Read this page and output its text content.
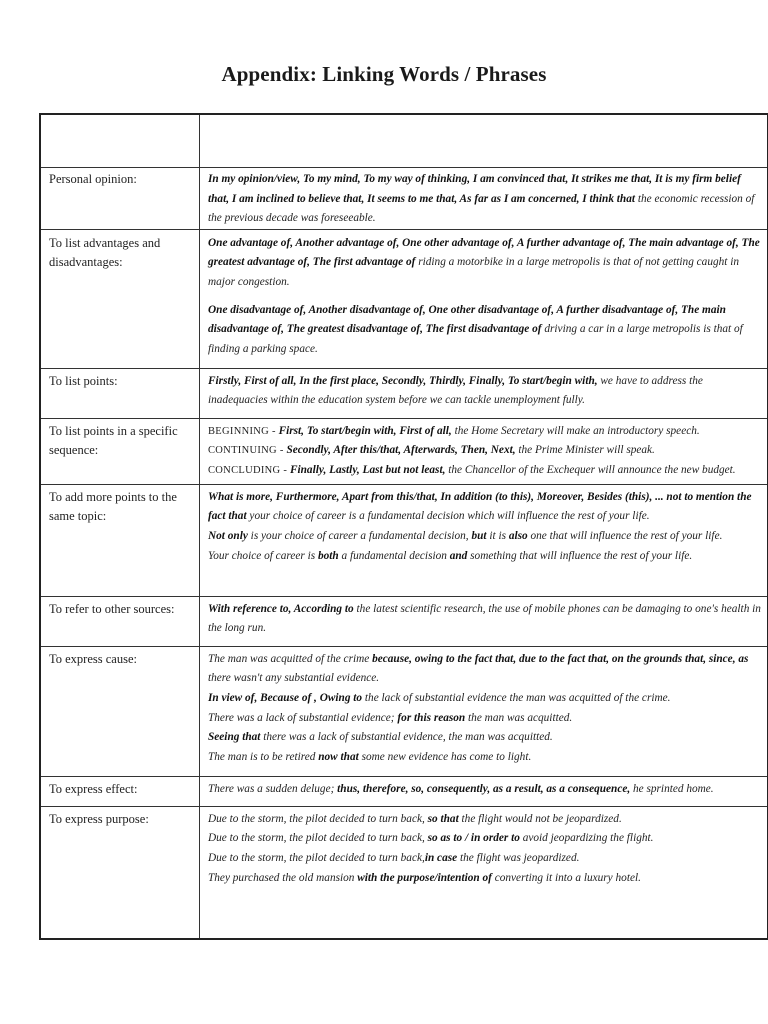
Appendix: Linking Words / Phrases

Personal opinion:	In my opinion/view, To my mind, To my way of thinking, I am convinced that, It strikes me that, It is my firm belief that, I am inclined to believe that, It seems to me that, As far as I am concerned, I think that the economic recession of the previous decade was foreseeable.

To list advantages and disadvantages:	One advantage of, Another advantage of, One other advantage of, A further advantage of, The main advantage of, The greatest advantage of, The first advantage of riding a motorbike in a large metropolis is that of not getting caught in major congestion.

One disadvantage of, Another disadvantage of, One other disadvantage of, A further disadvantage of, The main disadvantage of, The greatest disadvantage of, The first disadvantage of driving a car in a large metropolis is that of finding a parking space.

To list points:	Firstly, First of all, In the first place, Secondly, Thirdly, Finally, To start/begin with, we have to address the inadequacies within the education system before we can tackle unemployment fully.

To list points in a specific sequence:	BEGINNING - First, To start/begin with, First of all, the Home Secretary will make an introductory speech.

CONTINUING - Secondly, After this/that, Afterwards, Then, Next, the Prime Minister will speak.

CONCLUDING - Finally, Lastly, Last but not least, the Chancellor of the Exchequer will announce the new budget.

To add more points to the same topic:	What is more, Furthermore, Apart from this/that, In addition (to this), Moreover, Besides (this), ... not to mention the fact that your choice of career is a fundamental decision which will influence the rest of your life.

Not only is your choice of career a fundamental decision, but it is also one that will influence the rest of your life.

Your choice of career is both a fundamental decision and something that will influence the rest of your life.

To refer to other sources:	With reference to, According to the latest scientific research, the use of mobile phones can be damaging to one's health in the long run.

To express cause:	The man was acquitted of the crime because, owing to the fact that, due to the fact that, on the grounds that, since, as there wasn't any substantial evidence.

In view of, Because of , Owing to the lack of substantial evidence the man was acquitted of the crime.

There was a lack of substantial evidence; for this reason the man was acquitted.

Seeing that there was a lack of substantial evidence, the man was acquitted.

The man is to be retired now that some new evidence has come to light.

To express effect:	There was a sudden deluge; thus, therefore, so, consequently, as a result, as a consequence, he sprinted home.

To express purpose:	Due to the storm, the pilot decided to turn back, so that the flight would not be jeopardized.

Due to the storm, the pilot decided to turn back, so as to / in order to avoid jeopardizing the flight.

Due to the storm, the pilot decided to turn back,in case the flight was jeopardized.

They purchased the old mansion with the purpose/intention of converting it into a luxury hotel.
